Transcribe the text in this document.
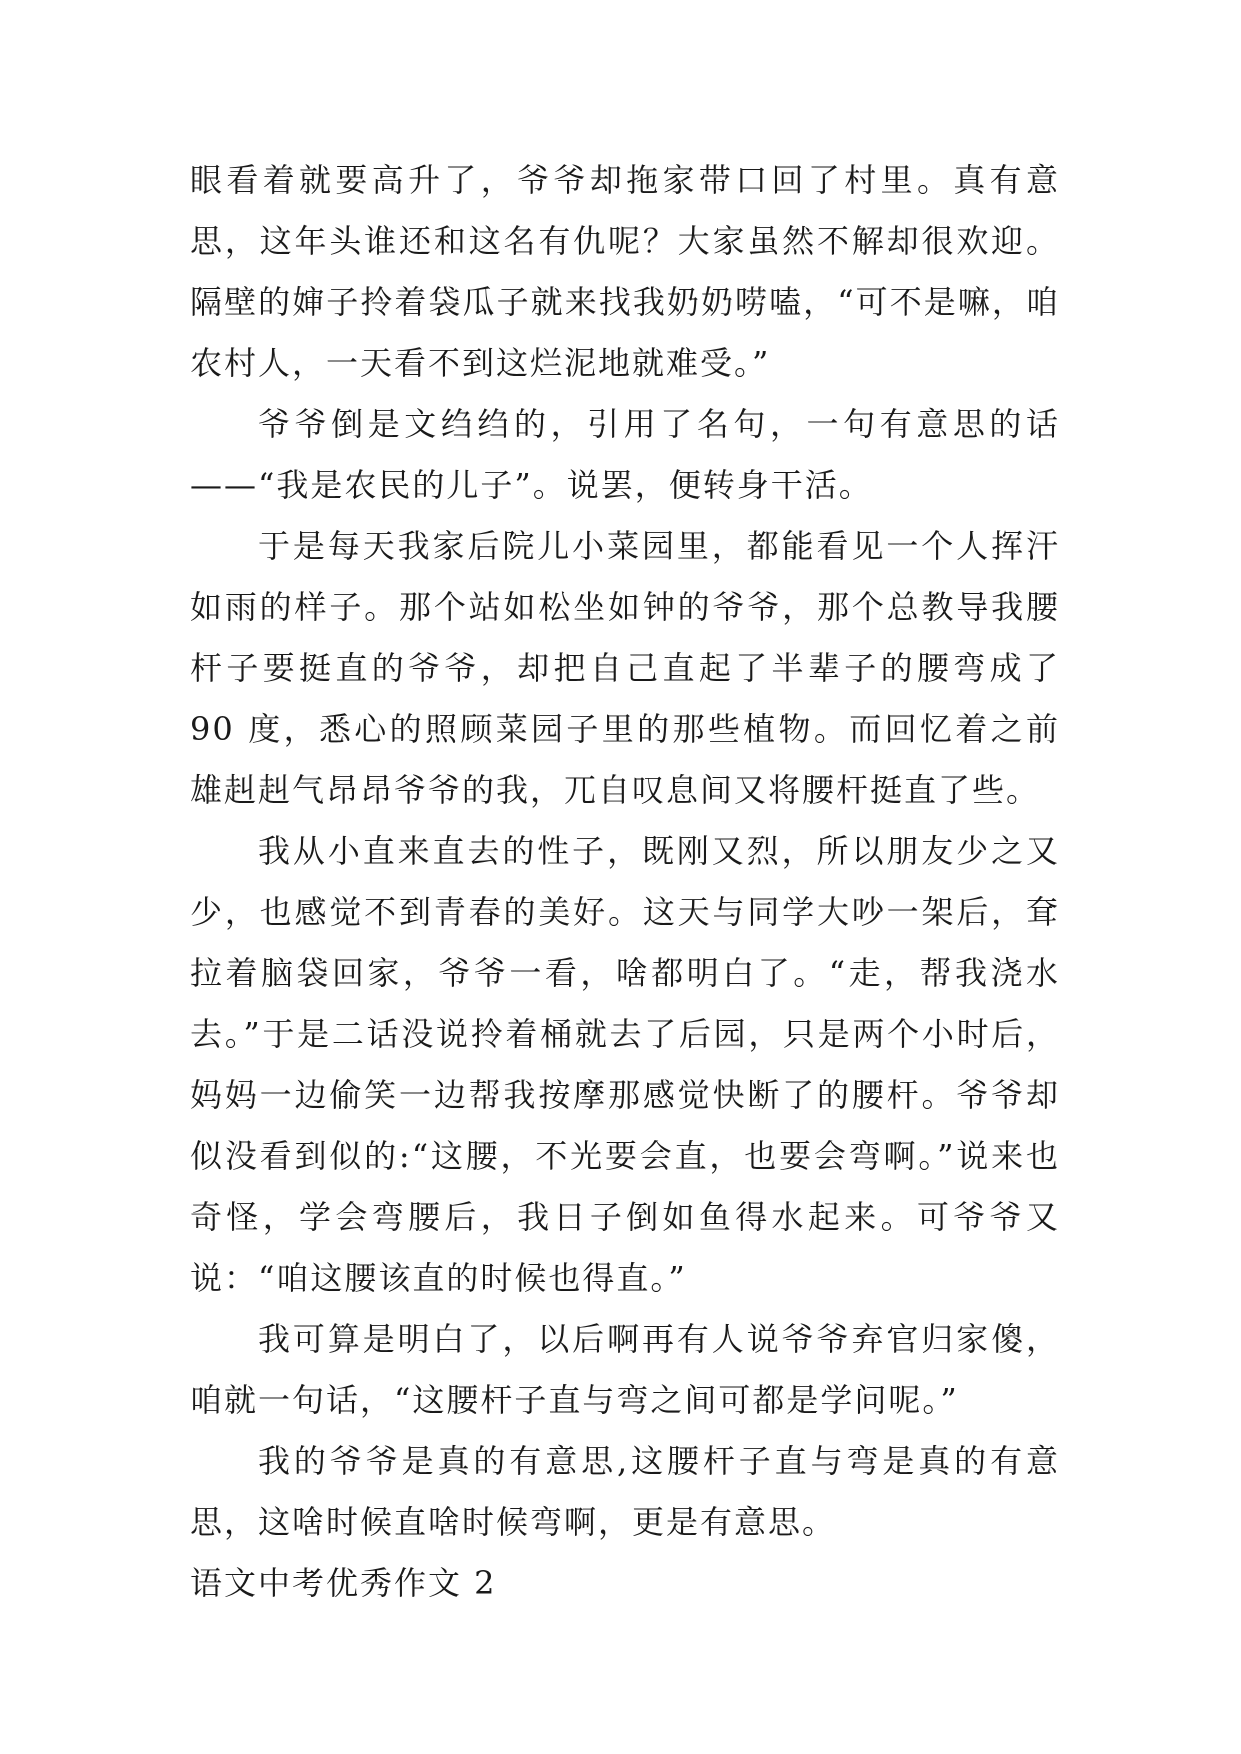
眼看着就要高升了，爷爷却拖家带口回了村里。真有意思，这年头谁还和这名有仇呢？大家虽然不解却很欢迎。隔壁的婶子拎着袋瓜子就来找我奶奶唠嗑，“可不是嘛，咱农村人，一天看不到这烂泥地就难受。”

爷爷倒是文绉绉的，引用了名句，一句有意思的话——“我是农民的儿子”。说罢，便转身干活。

于是每天我家后院儿小菜园里，都能看见一个人挥汗如雨的样子。那个站如松坐如钟的爷爷，那个总教导我腰杆子要挺直的爷爷，却把自己直起了半辈子的腰弯成了 90 度，悉心的照顾菜园子里的那些植物。而回忆着之前雄赳赳气昂昂爷爷的我，兀自叹息间又将腰杆挺直了些。

我从小直来直去的性子，既刚又烈，所以朋友少之又少，也感觉不到青春的美好。这天与同学大吵一架后，耷拉着脑袋回家，爷爷一看，啥都明白了。“走，帮我浇水去。”于是二话没说拎着桶就去了后园，只是两个小时后，妈妈一边偷笑一边帮我按摩那感觉快断了的腰杆。爷爷却似没看到似的:“这腰，不光要会直，也要会弯啊。”说来也奇怪，学会弯腰后，我日子倒如鱼得水起来。可爷爷又说：“咱这腰该直的时候也得直。”

我可算是明白了，以后啊再有人说爷爷弃官归家傻，咱就一句话，“这腰杆子直与弯之间可都是学问呢。”

我的爷爷是真的有意思,这腰杆子直与弯是真的有意思，这啥时候直啥时候弯啊，更是有意思。

语文中考优秀作文 2
